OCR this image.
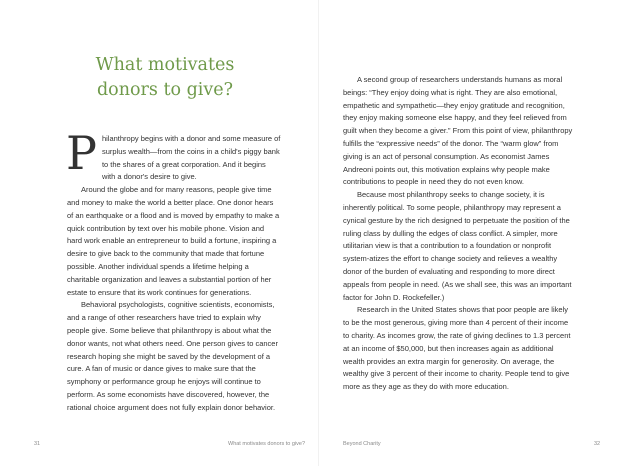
What motivates donors to give?

Philanthropy begins with a donor and some measure of surplus wealth—from the coins in a child's piggy bank to the shares of a great corporation. And it begins with a donor's desire to give.

Around the globe and for many reasons, people give time and money to make the world a better place. One donor hears of an earthquake or a flood and is moved by empathy to make a quick contribution by text over his mobile phone. Vision and hard work enable an entrepreneur to build a fortune, inspiring a desire to give back to the community that made that fortune possible. Another individual spends a lifetime helping a charitable organization and leaves a substantial portion of her estate to ensure that its work continues for generations.

Behavioral psychologists, cognitive scientists, economists, and a range of other researchers have tried to explain why people give. Some believe that philanthropy is about what the donor wants, not what others need. One person gives to cancer research hoping she might be saved by the development of a cure. A fan of music or dance gives to make sure that the symphony or performance group he enjoys will continue to perform. As some economists have discovered, however, the rational choice argument does not fully explain donor behavior.

A second group of researchers understands humans as moral beings: “They enjoy doing what is right. They are also emotional, empathetic and sympathetic—they enjoy gratitude and recognition, they enjoy making someone else happy, and they feel relieved from guilt when they become a giver.” From this point of view, philanthropy fulfills the “expressive needs” of the donor. The “warm glow” from giving is an act of personal consumption. As economist James Andreoni points out, this motivation explains why people make contributions to people in need they do not even know.

Because most philanthropy seeks to change society, it is inherently political. To some people, philanthropy may represent a cynical gesture by the rich designed to perpetuate the position of the ruling class by dulling the edges of class conflict. A simpler, more utilitarian view is that a contribution to a foundation or nonprofit system-atizes the effort to change society and relieves a wealthy donor of the burden of evaluating and responding to more direct appeals from people in need. (As we shall see, this was an important factor for John D. Rockefeller.)

Research in the United States shows that poor people are likely to be the most generous, giving more than 4 percent of their income to charity. As incomes grow, the rate of giving declines to 1.3 percent at an income of $50,000, but then increases again as additional wealth provides an extra margin for generosity. On average, the wealthy give 3 percent of their income to charity. People tend to give more as they age as they do with more education.

31	What motivates donors to give?	Beyond Charity	32
